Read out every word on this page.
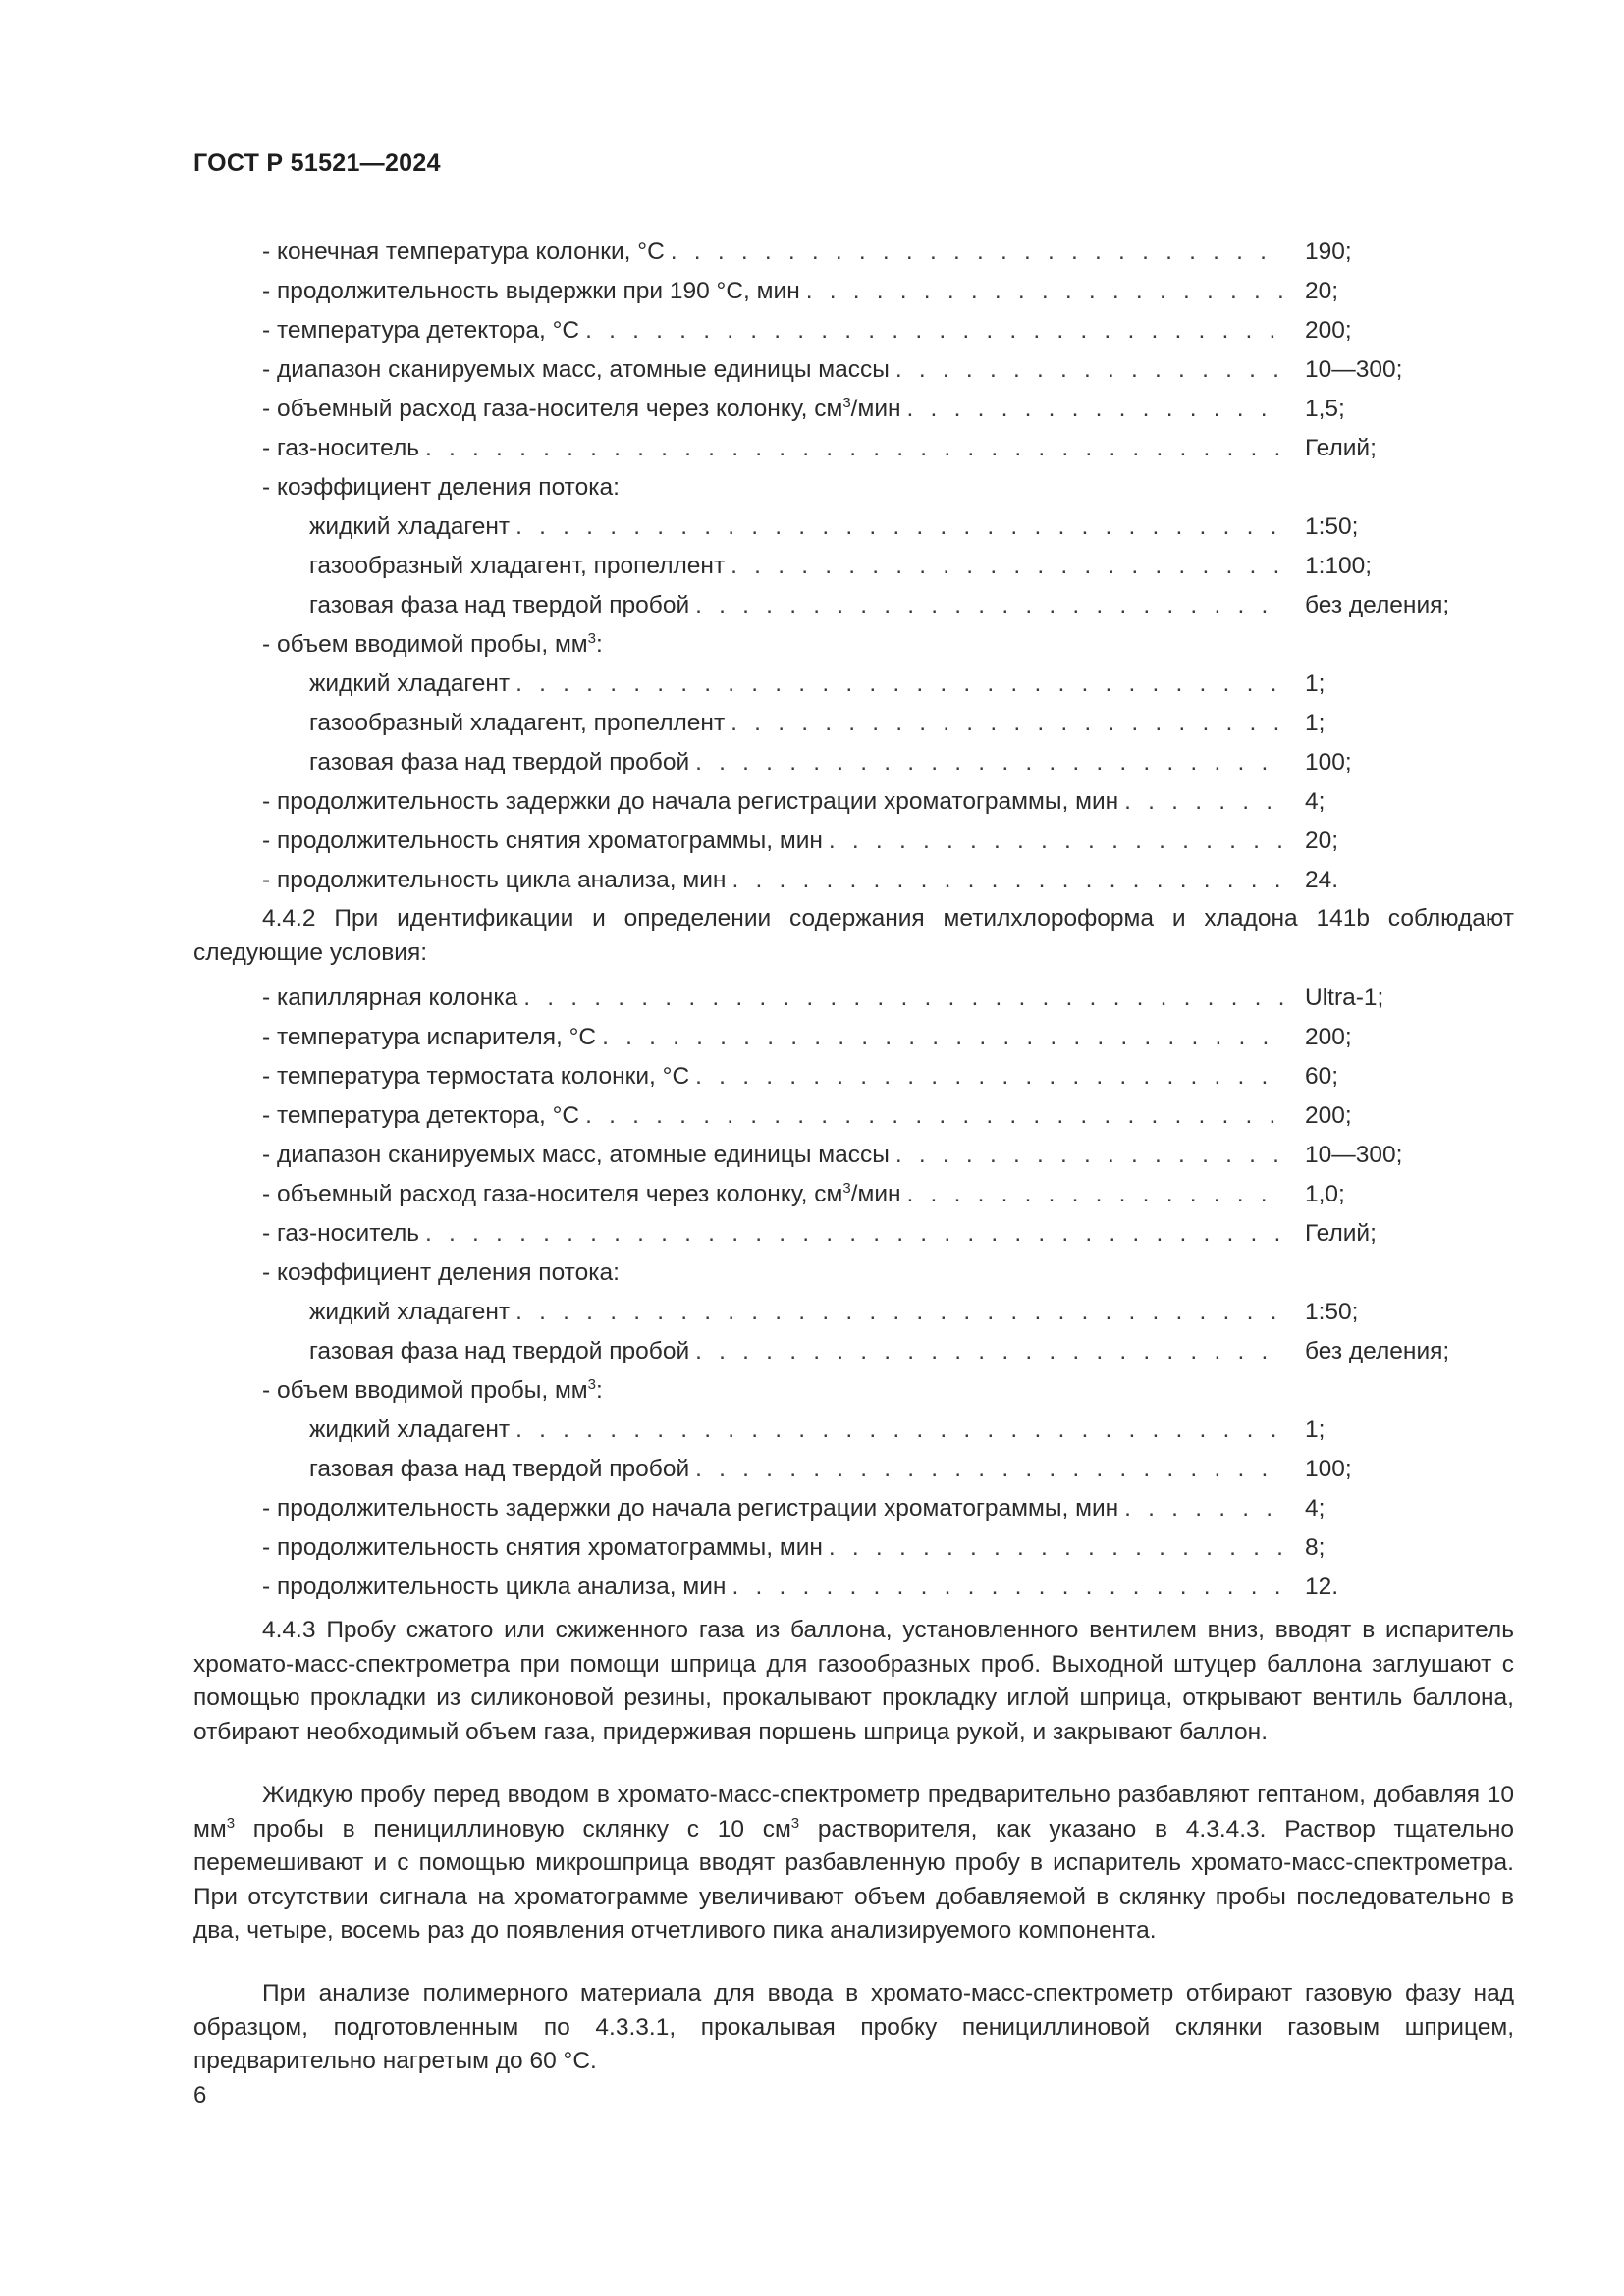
ГОСТ Р 51521—2024
- конечная температура колонки, °С . . .	190;
- продолжительность выдержки при 190 °С, мин . . .	20;
- температура детектора, °С . . .	200;
- диапазон сканируемых масс, атомные единицы массы . . .	10—300;
- объемный расход газа-носителя через колонку, $см^3$/мин . . .	1,5;
- газ-носитель . . .	Гелий;
- коэффициент деления потока:
жидкий хладагент . . .	1:50;
газообразный хладагент, пропеллент . . .	1:100;
газовая фаза над твердой пробой . . .	без деления;
- объем вводимой пробы, $мм^3$:
жидкий хладагент . . .	1;
газообразный хладагент, пропеллент . . .	1;
газовая фаза над твердой пробой . . .	100;
- продолжительность задержки до начала регистрации хроматограммы, мин . . .	4;
- продолжительность снятия хроматограммы, мин . . .	20;
- продолжительность цикла анализа, мин . . .	24.

4.4.2 При идентификации и определении содержания метилхлороформа и хладона 141b соблюдают следующие условия:

- капиллярная колонка . . .	Ultra-1;
- температура испарителя, °С . . .	200;
- температура термостата колонки, °С . . .	60;
- температура детектора, °С . . .	200;
- диапазон сканируемых масс, атомные единицы массы . . .	10—300;
- объемный расход газа-носителя через колонку, $см^3$/мин . . .	1,0;
- газ-носитель . . .	Гелий;
- коэффициент деления потока:
жидкий хладагент . . .	1:50;
газовая фаза над твердой пробой . . .	без деления;
- объем вводимой пробы, $мм^3$:
жидкий хладагент . . .	1;
газовая фаза над твердой пробой . . .	100;
- продолжительность задержки до начала регистрации хроматограммы, мин . . .	4;
- продолжительность снятия хроматограммы, мин . . .	8;
- продолжительность цикла анализа, мин . . .	12.

4.4.3 Пробу сжатого или сжиженного газа из баллона, установленного вентилем вниз, вводят в испаритель хромато-масс-спектрометра при помощи шприца для газообразных проб. Выходной штуцер баллона заглушают с помощью прокладки из силиконовой резины, прокалывают прокладку иглой шприца, открывают вентиль баллона, отбирают необходимый объем газа, придерживая поршень шприца рукой, и закрывают баллон.

Жидкую пробу перед вводом в хромато-масс-спектрометр предварительно разбавляют гептаном, добавляя 10 $мм^3$ пробы в пенициллиновую склянку с 10 $см^3$ растворителя, как указано в 4.3.4.3. Раствор тщательно перемешивают и с помощью микрошприца вводят разбавленную пробу в испаритель хромато-масс-спектрометра. При отсутствии сигнала на хроматограмме увеличивают объем добавляемой в склянку пробы последовательно в два, четыре, восемь раз до появления отчетливого пика анализируемого компонента.

При анализе полимерного материала для ввода в хромато-масс-спектрометр отбирают газовую фазу над образцом, подготовленным по 4.3.3.1, прокалывая пробку пенициллиновой склянки газовым шприцем, предварительно нагретым до 60 °С.

6
